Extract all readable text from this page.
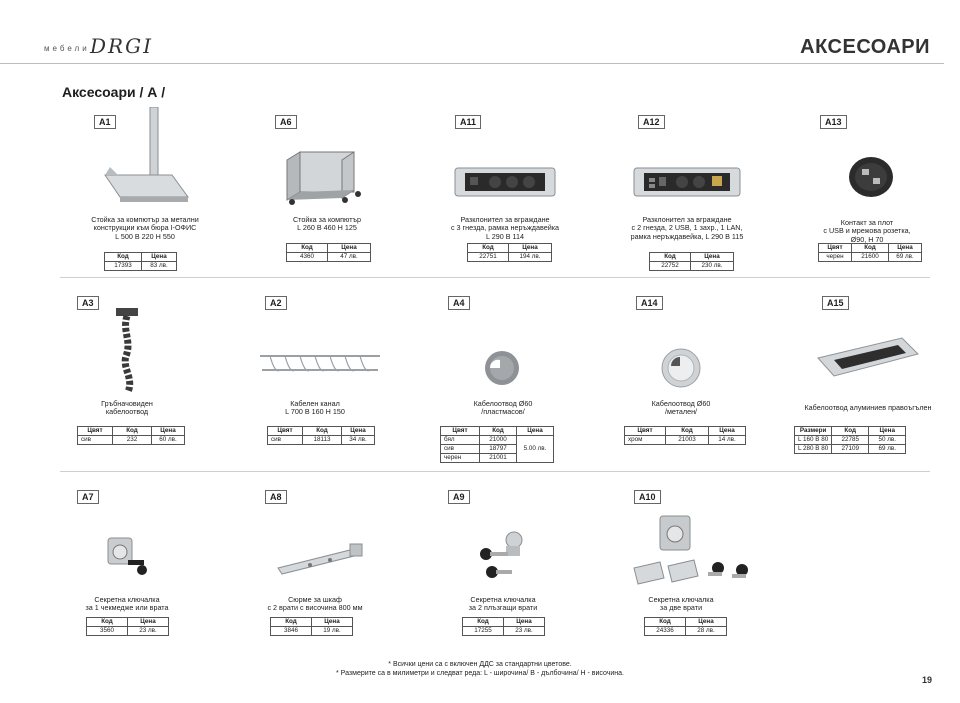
мебели DRGI	АКСЕСОАРИ
Аксесоари / А /
A1
Стойка за компютър за метални
конструкции към бюра I-ОФИС
L 500 B 220 H 550
Код	Цена
17393	83 лв.
A6
Стойка за компютър
L 260 B 460 H 125
Код	Цена
4360	47 лв.
A11
Разклонител за вграждане
с 3 гнезда, рамка неръждавейка
L 290 B 114
Код	Цена
22751	194 лв.
A12
Разклонител за вграждане
с 2 гнезда, 2 USB, 1 захр., 1 LAN,
рамка неръждавейка, L 290 B 115
Код	Цена
22752	230 лв.
A13
Контакт за плот
с USB и мрежова розетка,
Ø90, H 70
Цвят	Код	Цена
черен	21600	69 лв.
A3
Гръбначовиден
кабелоотвод
Цвят	Код	Цена
сив	232	60 лв.
A2
Кабелен канал
L 700 B 160 H 150
Цвят	Код	Цена
сив	18113	34 лв.
A4
Кабелоотвод Ø60
/пластмасов/
Цвят	Код	Цена
бял	21000	5.00 лв.
сив	18797	
черен	21001	
A14
Кабелоотвод Ø60
/метален/
Цвят	Код	Цена
хром	21003	14 лв.
A15
Кабелоотвод алуминиев правоъгълен
Размери	Код	Цена
L 160 B 80	22785	50 лв.
L 280 B 80	27109	69 лв.
A7
Секретна ключалка
за 1 чекмедже или врата
Код	Цена
3560	23 лв.
A8
Сюрме за шкаф
с 2 врати с височина 800 мм
Код	Цена
3846	19 лв.
A9
Секретна ключалка
за 2 плъзгащи врати
Код	Цена
17255	23 лв.
A10
Секретна ключалка
за две врати
Код	Цена
24336	28 лв.
* Всички цени са с включен ДДС за стандартни цветове.
* Размерите са в милиметри и следват реда: L - широчина/ B - дълбочина/ H - височина.
19
